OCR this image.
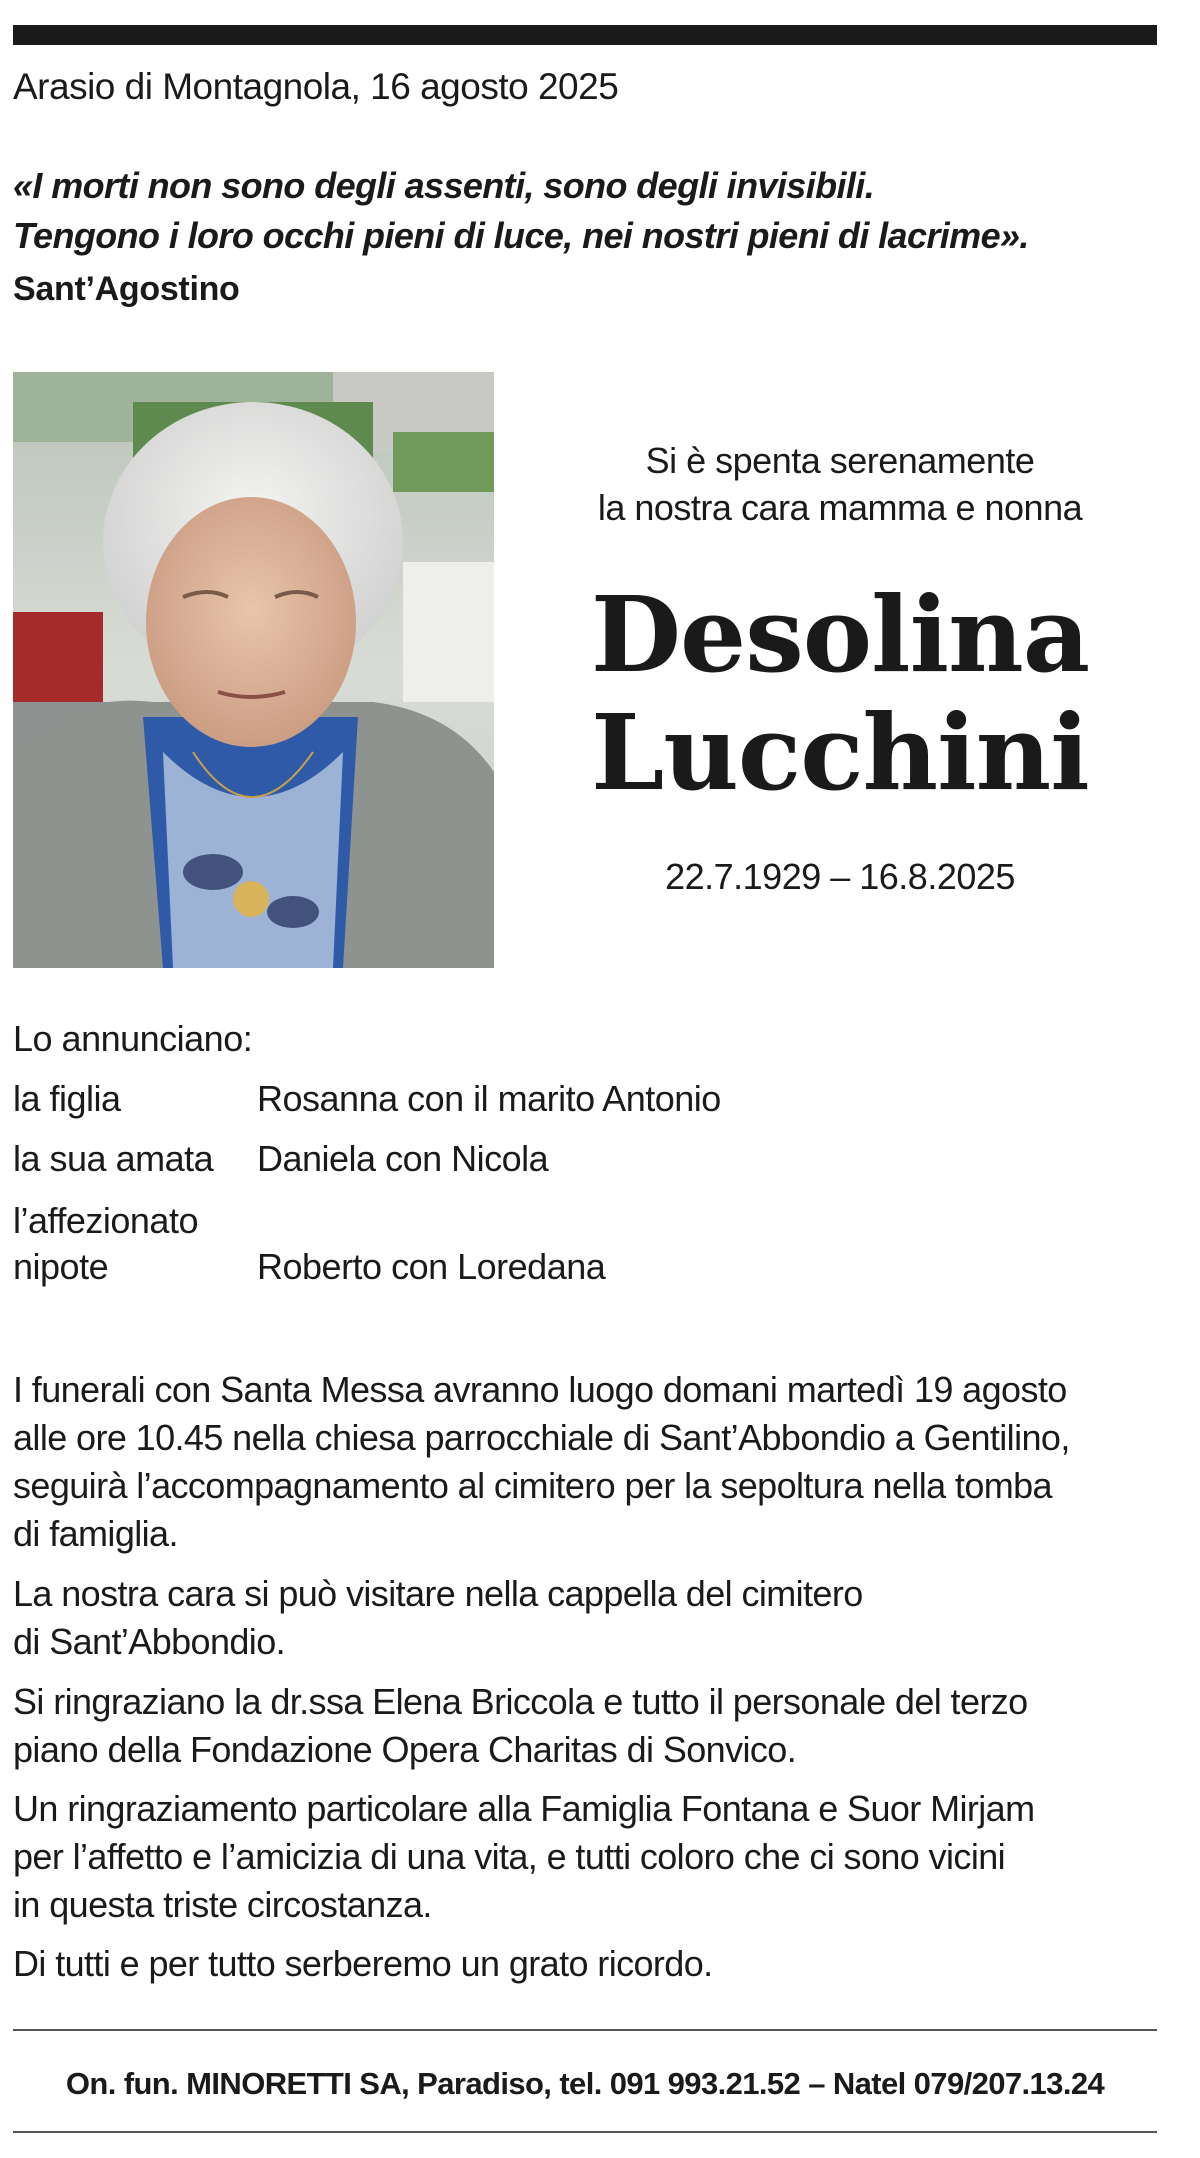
Arasio di Montagnola, 16 agosto 2025
«I morti non sono degli assenti, sono degli invisibili.
Tengono i loro occhi pieni di luce, nei nostri pieni di lacrime».
Sant’Agostino
Si è spenta serenamente
la nostra cara mamma e nonna
Desolina
Lucchini
22.7.1929 – 16.8.2025
Lo annunciano:
la figlia	Rosanna con il marito Antonio
la sua amata Daniela con Nicola
l’affezionato
nipote	Roberto con Loredana
I funerali con Santa Messa avranno luogo domani martedì 19 agosto
alle ore 10.45 nella chiesa parrocchiale di Sant’Abbondio a Gentilino,
seguirà l’accompagnamento al cimitero per la sepoltura nella tomba
di famiglia.
La nostra cara si può visitare nella cappella del cimitero
di Sant’Abbondio.
Si ringraziano la dr.ssa Elena Briccola e tutto il personale del terzo
piano della Fondazione Opera Charitas di Sonvico.
Un ringraziamento particolare alla Famiglia Fontana e Suor Mirjam
per l’affetto e l’amicizia di una vita, e tutti coloro che ci sono vicini
in questa triste circostanza.
Di tutti e per tutto serberemo un grato ricordo.
On. fun. MINORETTI SA, Paradiso, tel. 091 993.21.52 – Natel 079/207.13.24
